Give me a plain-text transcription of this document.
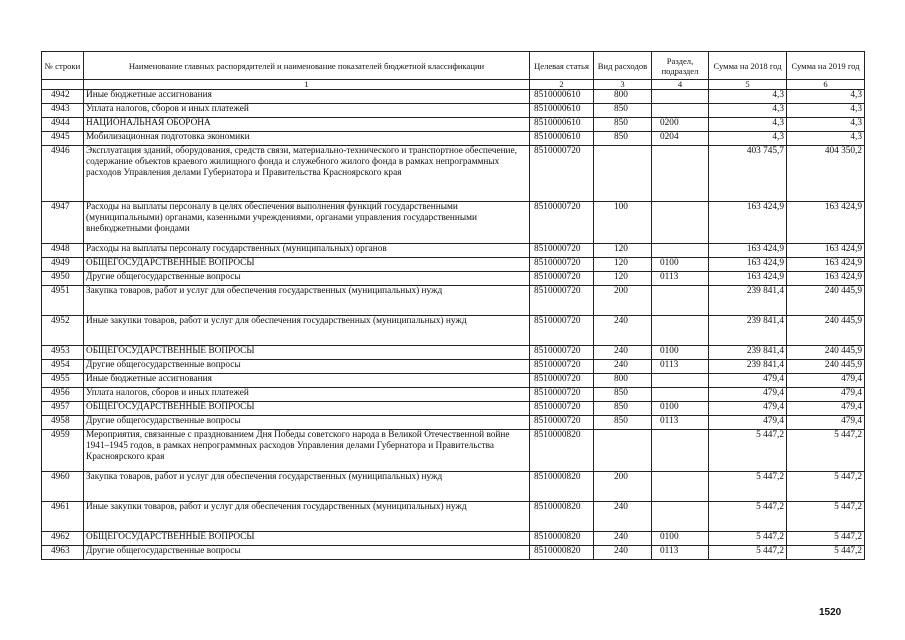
№ строки	Наименование главных распорядителей и наименование показателей бюджетной классификации	Целевая статья	Вид расходов	Раздел, подраздел	Сумма на 2018 год	Сумма на 2019 год
	1	2	3	4	5	6
4942	Иные бюджетные ассигнования	8510000610	800		4,3	4,3
4943	Уплата налогов, сборов и иных платежей	8510000610	850		4,3	4,3
4944	НАЦИОНАЛЬНАЯ ОБОРОНА	8510000610	850	0200	4,3	4,3
4945	Мобилизационная подготовка экономики	8510000610	850	0204	4,3	4,3
4946	Эксплуатация зданий, оборудования, средств связи, материально-технического и транспортное обеспечение, содержание объектов краевого жилищного фонда и служебного жилого фонда в рамках непрограммных расходов Управления делами Губернатора и Правительства Красноярского края	8510000720			403 745,7	404 350,2
4947	Расходы на выплаты персоналу в целях обеспечения выполнения функций государственными (муниципальными) органами, казенными учреждениями, органами управления государственными внебюджетными фондами	8510000720	100		163 424,9	163 424,9
4948	Расходы на выплаты персоналу государственных (муниципальных) органов	8510000720	120		163 424,9	163 424,9
4949	ОБЩЕГОСУДАРСТВЕННЫЕ ВОПРОСЫ	8510000720	120	0100	163 424,9	163 424,9
4950	Другие общегосударственные вопросы	8510000720	120	0113	163 424,9	163 424,9
4951	Закупка товаров, работ и услуг для обеспечения государственных (муниципальных) нужд	8510000720	200		239 841,4	240 445,9
4952	Иные закупки товаров, работ и услуг для обеспечения государственных (муниципальных) нужд	8510000720	240		239 841,4	240 445,9
4953	ОБЩЕГОСУДАРСТВЕННЫЕ ВОПРОСЫ	8510000720	240	0100	239 841,4	240 445,9
4954	Другие общегосударственные вопросы	8510000720	240	0113	239 841,4	240 445,9
4955	Иные бюджетные ассигнования	8510000720	800		479,4	479,4
4956	Уплата налогов, сборов и иных платежей	8510000720	850		479,4	479,4
4957	ОБЩЕГОСУДАРСТВЕННЫЕ ВОПРОСЫ	8510000720	850	0100	479,4	479,4
4958	Другие общегосударственные вопросы	8510000720	850	0113	479,4	479,4
4959	Мероприятия, связанные с празднованием Дня Победы советского народа в Великой Отечественной войне 1941–1945 годов, в рамках непрограммных расходов Управления делами Губернатора и Правительства Красноярского края	8510000820			5 447,2	5 447,2
4960	Закупка товаров, работ и услуг для обеспечения государственных (муниципальных) нужд	8510000820	200		5 447,2	5 447,2
4961	Иные закупки товаров, работ и услуг для обеспечения государственных (муниципальных) нужд	8510000820	240		5 447,2	5 447,2
4962	ОБЩЕГОСУДАРСТВЕННЫЕ ВОПРОСЫ	8510000820	240	0100	5 447,2	5 447,2
4963	Другие общегосударственные вопросы	8510000820	240	0113	5 447,2	5 447,2
1520
